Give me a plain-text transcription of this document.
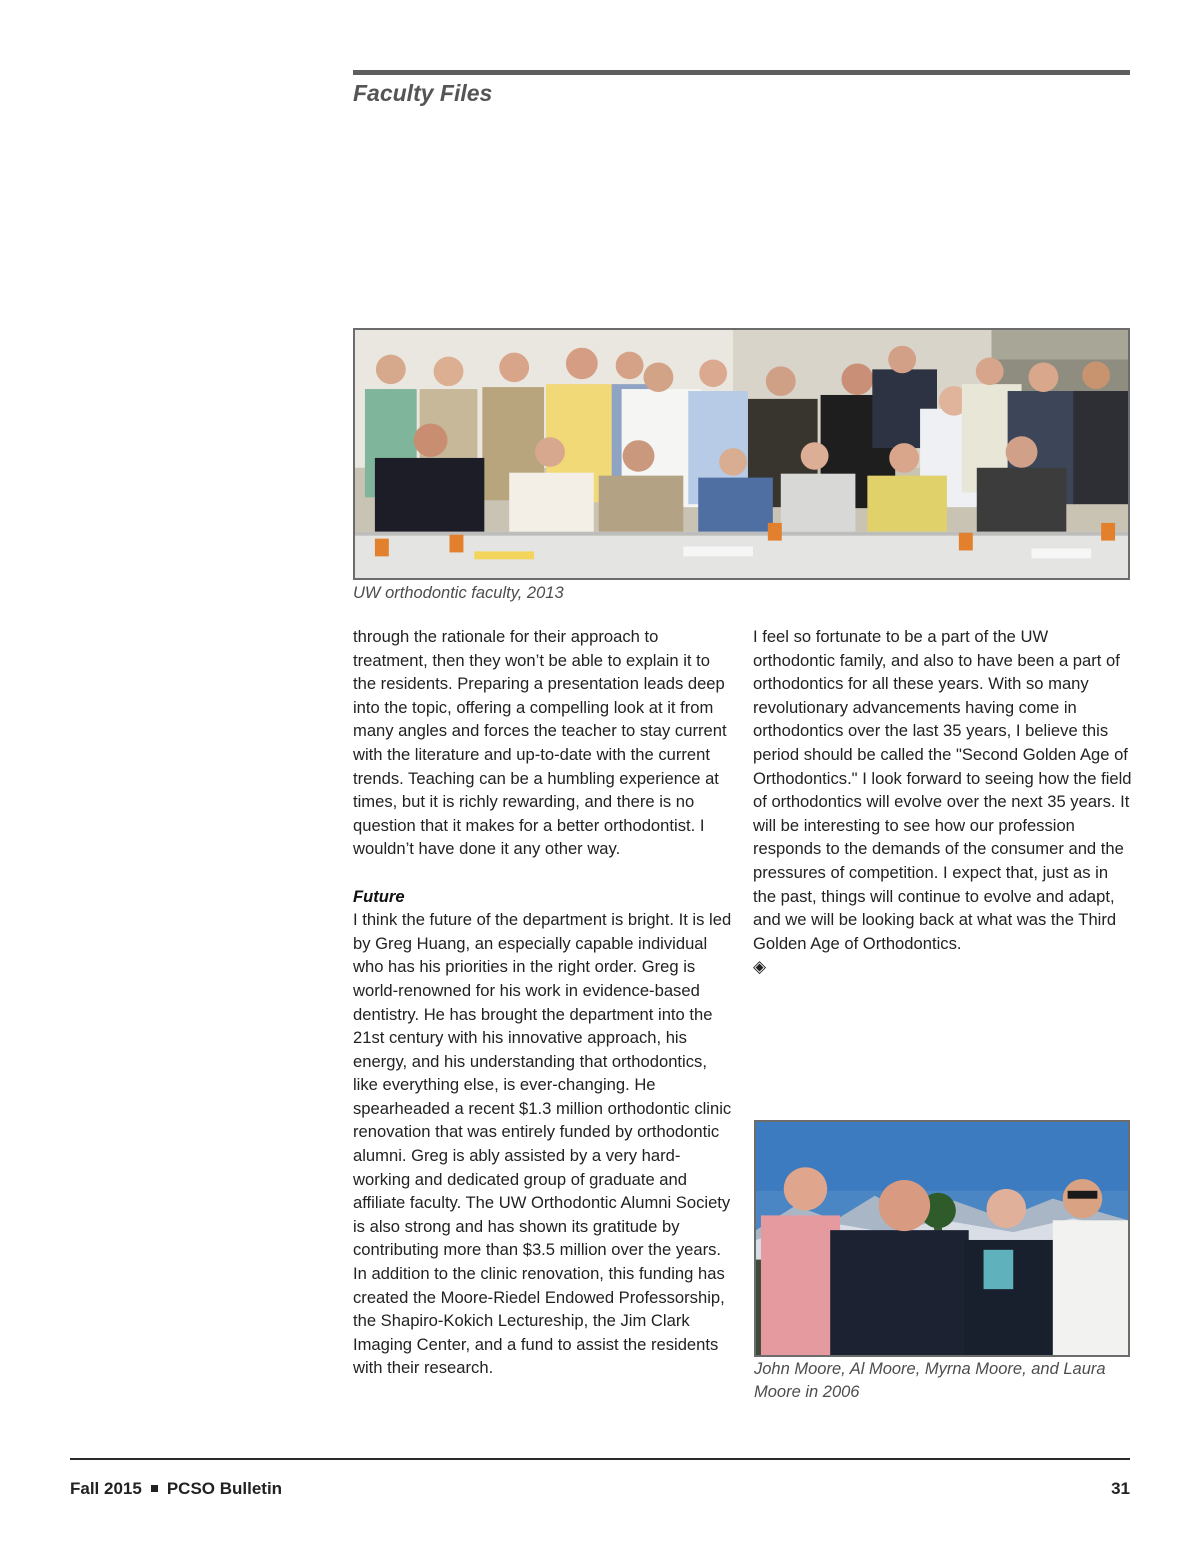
Faculty Files
UW orthodontic faculty, 2013

through the rationale for their approach to treatment, then they won’t be able to explain it to the residents. Preparing a presentation leads deep into the topic, offering a compelling look at it from many angles and forces the teacher to stay current with the literature and up-to-date with the current trends. Teaching can be a humbling experience at times, but it is richly rewarding, and there is no question that it makes for a better orthodontist. I wouldn’t have done it any other way.

Future

I think the future of the department is bright. It is led by Greg Huang, an especially capable individual who has his priorities in the right order. Greg is world-renowned for his work in evidence-based dentistry. He has brought the department into the 21st century with his innovative approach, his energy, and his understanding that orthodontics, like everything else, is ever-changing. He spearheaded a recent $1.3 million orthodontic clinic renovation that was entirely funded by orthodontic alumni. Greg is ably assisted by a very hard-working and dedicated group of graduate and affiliate faculty. The UW Orthodontic Alumni Society is also strong and has shown its gratitude by contributing more than $3.5 million over the years. In addition to the clinic renovation, this funding has created the Moore-Riedel Endowed Professorship, the Shapiro-Kokich Lectureship, the Jim Clark Imaging Center, and a fund to assist the residents with their research.

I feel so fortunate to be a part of the UW orthodontic family, and also to have been a part of orthodontics for all these years. With so many revolutionary advancements having come in orthodontics over the last 35 years, I believe this period should be called the "Second Golden Age of Orthodontics." I look forward to seeing how the field of orthodontics will evolve over the next 35 years. It will be interesting to see how our profession responds to the demands of the consumer and the pressures of competition. I expect that, just as in the past, things will continue to evolve and adapt, and we will be looking back at what was the Third Golden Age of Orthodontics.

◈

John Moore, Al Moore, Myrna Moore, and Laura Moore in 2006
Fall 2015 PCSO Bulletin	31
